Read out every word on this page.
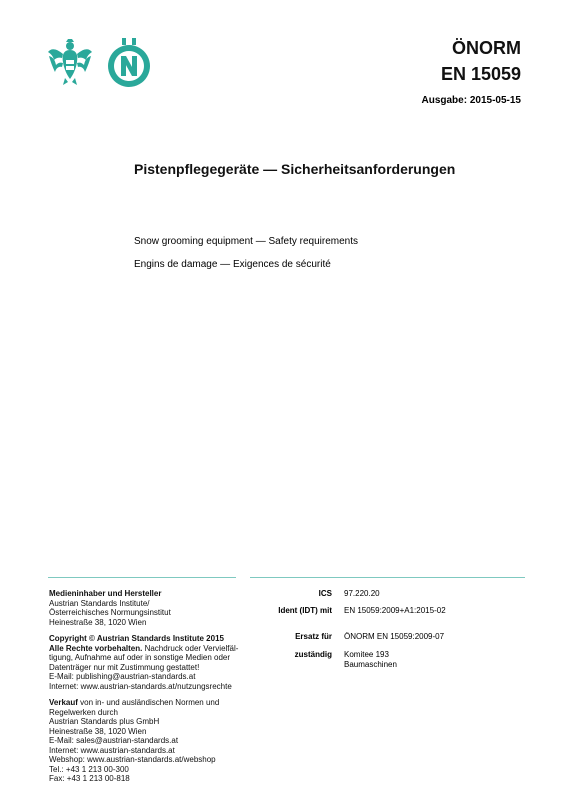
ÖNORM
EN 15059
Ausgabe: 2015-05-15
Pistenpflegegeräte — Sicherheitsanforderungen
Snow grooming equipment — Safety requirements
Engins de damage — Exigences de sécurité

Medieninhaber und Hersteller
Austrian Standards Institute/
Österreichisches Normungsinstitut
Heinestraße 38, 1020 Wien

Copyright © Austrian Standards Institute 2015
Alle Rechte vorbehalten. Nachdruck oder Vervielfäl-
tigung, Aufnahme auf oder in sonstige Medien oder
Datenträger nur mit Zustimmung gestattet!
E-Mail: publishing@austrian-standards.at
Internet: www.austrian-standards.at/nutzungsrechte

Verkauf von in- und ausländischen Normen und
Regelwerken durch
Austrian Standards plus GmbH
Heinestraße 38, 1020 Wien
E-Mail: sales@austrian-standards.at
Internet: www.austrian-standards.at
Webshop: www.austrian-standards.at/webshop
Tel.: +43 1 213 00-300
Fax: +43 1 213 00-818

ICS 97.220.20
Ident (IDT) mit EN 15059:2009+A1:2015-02
Ersatz für ÖNORM EN 15059:2009-07
zuständig Komitee 193
Baumaschinen
